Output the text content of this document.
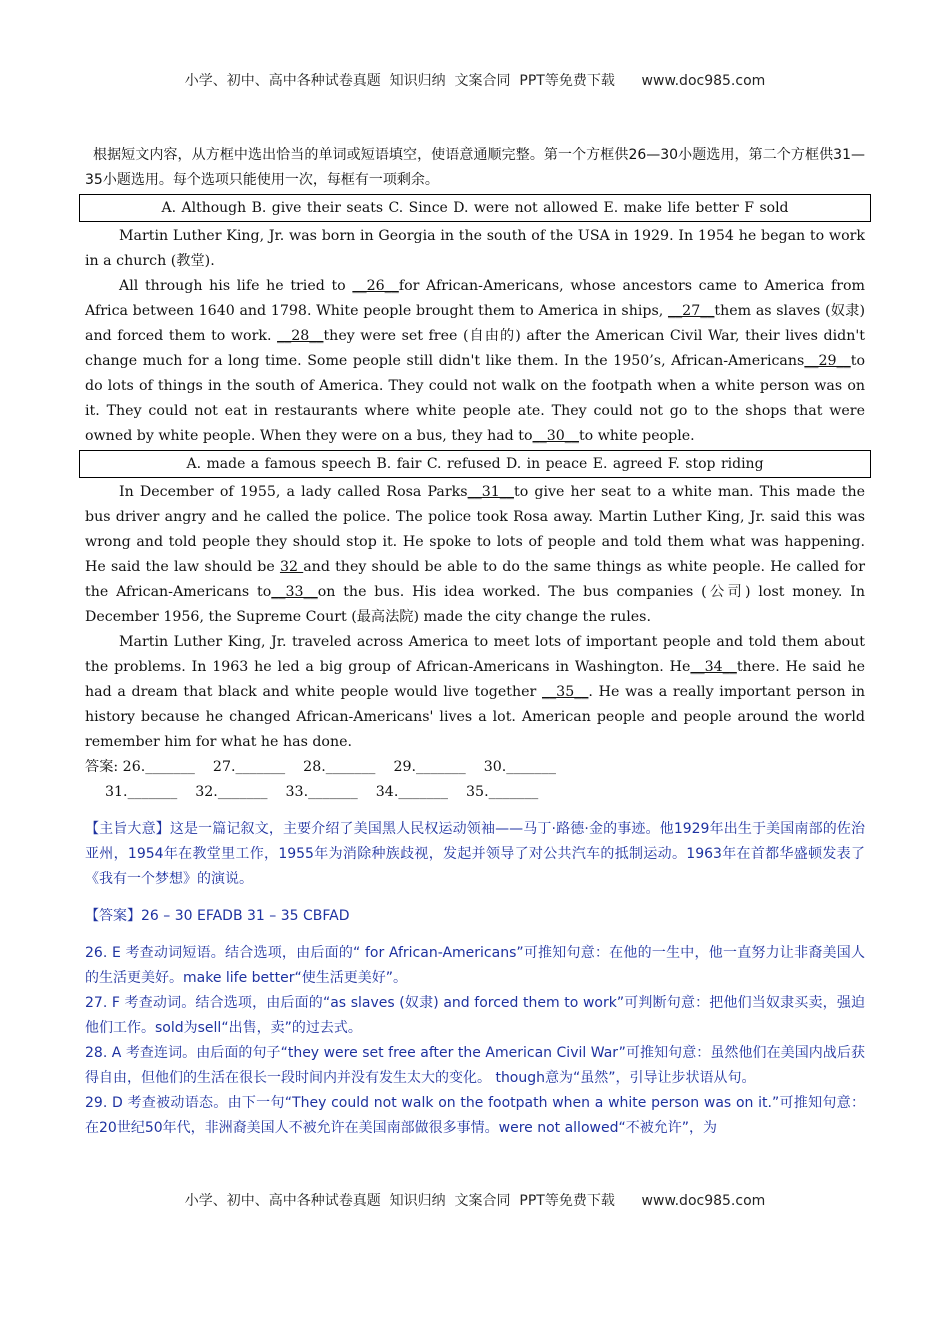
小学、初中、高中各种试卷真题  知识归纳  文案合同  PPT等免费下载      www.doc985.com

根据短文内容，从方框中选出恰当的单词或短语填空，使语意通顺完整。第一个方框供26—30小题选用，第二个方框供31—35小题选用。每个选项只能使用一次，每框有一项剩余。

A. Although B. give their seats C. Since D. were not allowed E. make life better F sold

Martin Luther King, Jr. was born in Georgia in the south of the USA in 1929. In 1954 he began to work in a church (教堂).

All through his life he tried to __26__for African-Americans, whose ancestors came to America from Africa between 1640 and 1798. White people brought them to America in ships, __27__them as slaves (奴隶) and forced them to work. __28__they were set free (自由的) after the American Civil War, their lives didn't change much for a long time. Some people still didn't like them. In the 1950’s, African-Americans__29__to do lots of things in the south of America. They could not walk on the footpath when a white person was on it. They could not eat in restaurants where white people ate. They could not go to the shops that were owned by white people. When they were on a bus, they had to__30__to white people.

A. made a famous speech B. fair C. refused D. in peace E. agreed F. stop riding

In December of 1955, a lady called Rosa Parks__31__to give her seat to a white man. This made the bus driver angry and he called the police. The police took Rosa away. Martin Luther King, Jr. said this was wrong and told people they should stop it. He spoke to lots of people and told them what was happening. He said the law should be 32 and they should be able to do the same things as white people. He called for the African-Americans to__33__on the bus. His idea worked. The bus companies (公司) lost money. In December 1956, the Supreme Court (最高法院) made the city change the rules.

Martin Luther King, Jr. traveled across America to meet lots of important people and told them about the problems. In 1963 he led a big group of African-Americans in Washington. He__34__there. He said he had a dream that black and white people would live together __35__. He was a really important person in history because he changed African-Americans' lives a lot. American people and people around the world remember him for what he has done.

答案: 26._______    27._______    28._______    29._______    30._______

31._______    32._______    33._______    34._______    35._______

【主旨大意】这是一篇记叙文，主要介绍了美国黑人民权运动领袖——马丁·路德·金的事迹。他1929年出生于美国南部的佐治亚州，1954年在教堂里工作，1955年为消除种族歧视，发起并领导了对公共汽车的抵制运动。1963年在首都华盛顿发表了《我有一个梦想》的演说。

【答案】26 – 30 EFADB 31 – 35 CBFAD

26. E 考查动词短语。结合选项，由后面的“ for African-Americans”可推知句意：在他的一生中，他一直努力让非裔美国人的生活更美好。make life better“使生活更美好”。

27. F 考查动词。结合选项，由后面的“as slaves (奴隶) and forced them to work”可判断句意：把他们当奴隶买卖，强迫他们工作。sold为sell“出售，卖”的过去式。

28. A 考查连词。由后面的句子“they were set free after the American Civil War”可推知句意：虽然他们在美国内战后获得自由，但他们的生活在很长一段时间内并没有发生太大的变化。 though意为“虽然”，引导让步状语从句。

29. D 考查被动语态。由下一句“They could not walk on the footpath when a white person was on it.”可推知句意：在20世纪50年代，非洲裔美国人不被允许在美国南部做很多事情。were not allowed“不被允许”，为

小学、初中、高中各种试卷真题  知识归纳  文案合同  PPT等免费下载      www.doc985.com
